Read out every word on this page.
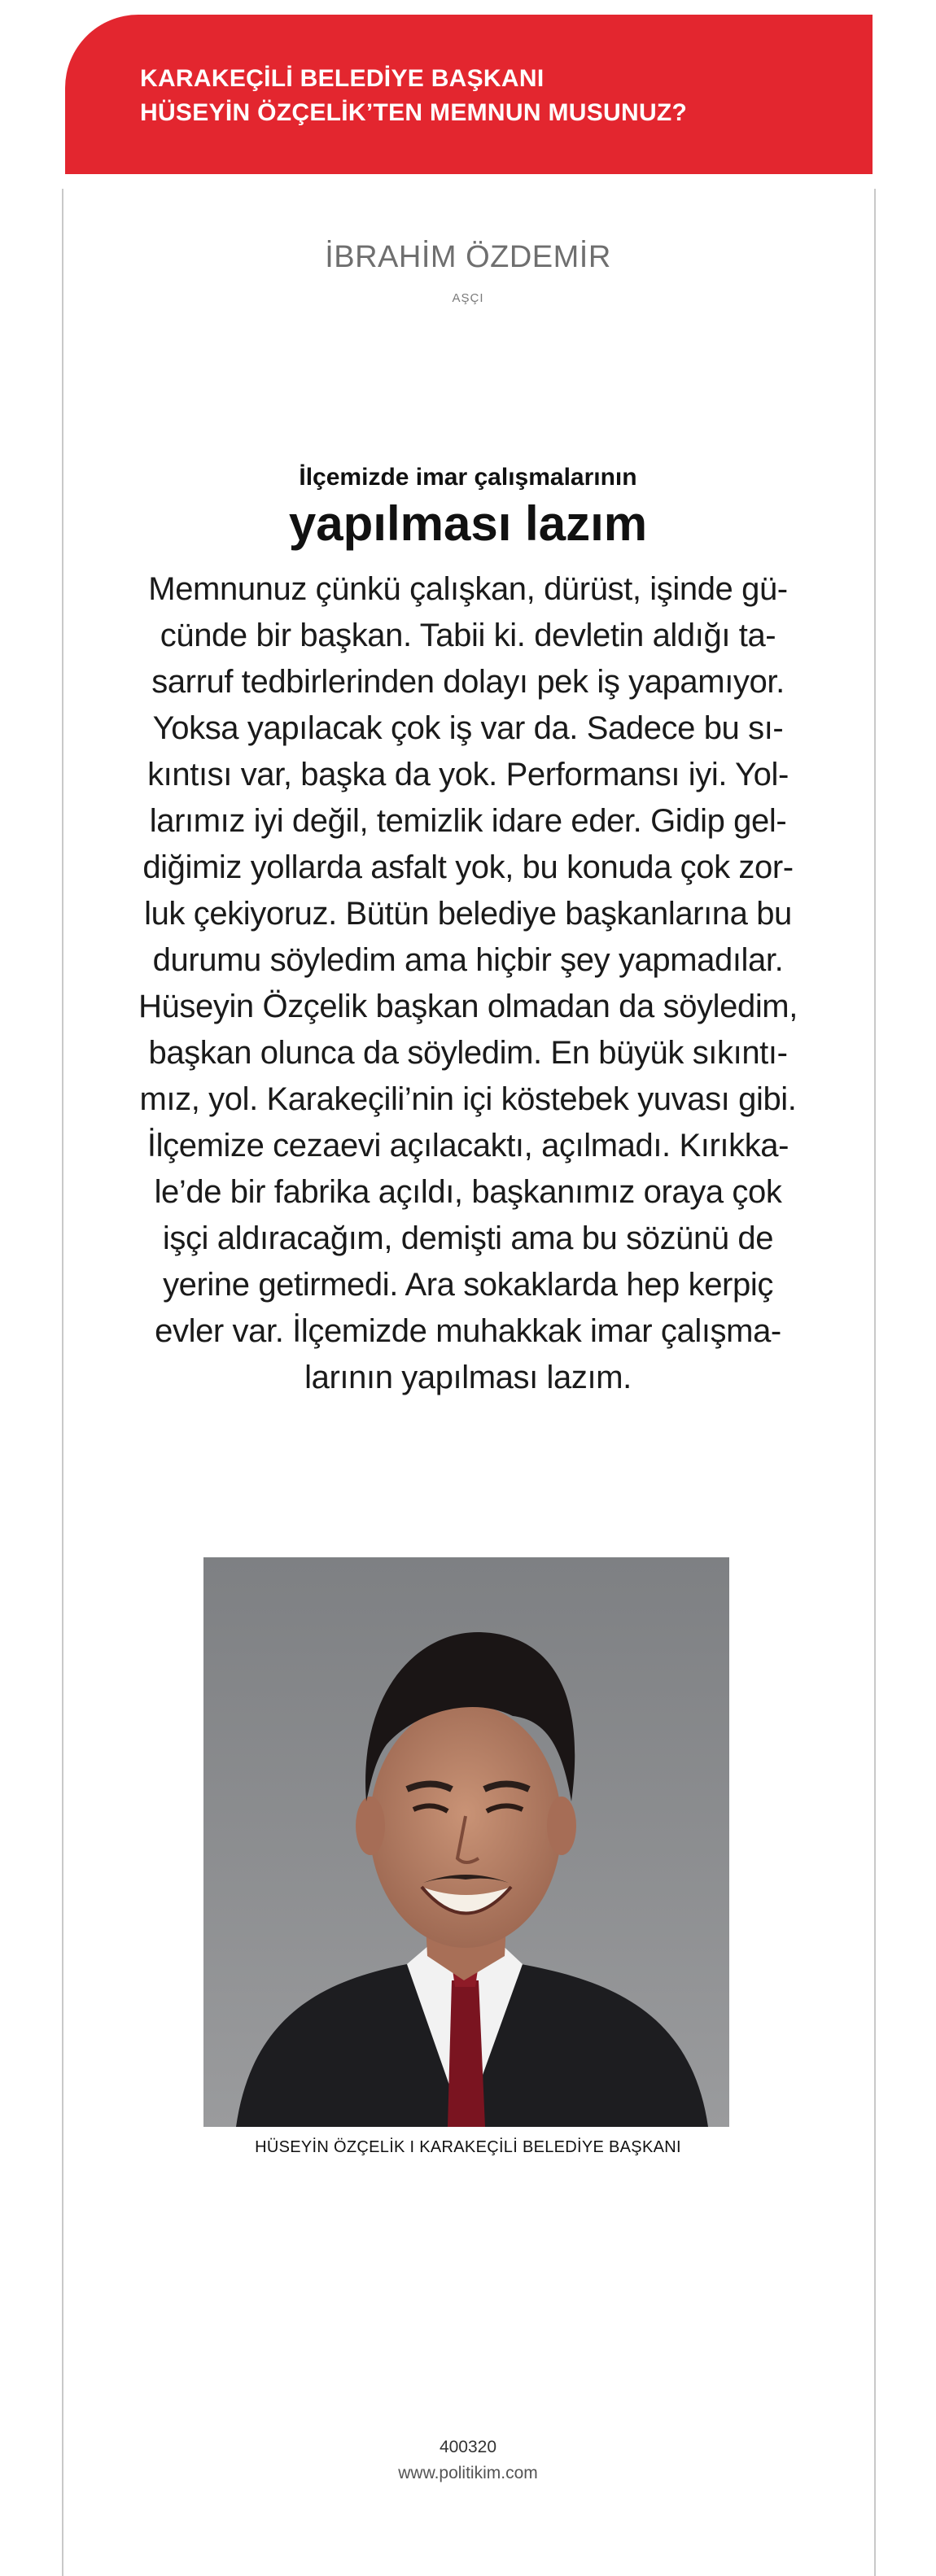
KARAKEÇİLİ BELEDİYE BAŞKANI
HÜSEYİN ÖZÇELİK’TEN MEMNUN MUSUNUZ?
İBRAHİM ÖZDEMİR
AŞÇI
İlçemizde imar çalışmalarının
yapılması lazım
Memnunuz çünkü çalışkan, dürüst, işinde gü-
cünde bir başkan. Tabii ki. devletin aldığı ta-
sarruf tedbirlerinden dolayı pek iş yapamıyor.
Yoksa yapılacak çok iş var da. Sadece bu sı-
kıntısı var, başka da yok. Performansı iyi. Yol-
larımız iyi değil, temizlik idare eder. Gidip gel-
diğimiz yollarda asfalt yok, bu konuda çok zor-
luk çekiyoruz. Bütün belediye başkanlarına bu
durumu söyledim ama hiçbir şey yapmadılar.
Hüseyin Özçelik başkan olmadan da söyledim,
başkan olunca da söyledim. En büyük sıkıntı-
mız, yol. Karakeçili’nin içi köstebek yuvası gibi.
İlçemize cezaevi açılacaktı, açılmadı. Kırıkka-
le’de bir fabrika açıldı, başkanımız oraya çok
işçi aldıracağım, demişti ama bu sözünü de
yerine getirmedi. Ara sokaklarda hep kerpiç
evler var. İlçemizde muhakkak imar çalışma-
larının yapılması lazım.
HÜSEYİN ÖZÇELİK I KARAKEÇİLİ BELEDİYE BAŞKANI
400320
www.politikim.com
